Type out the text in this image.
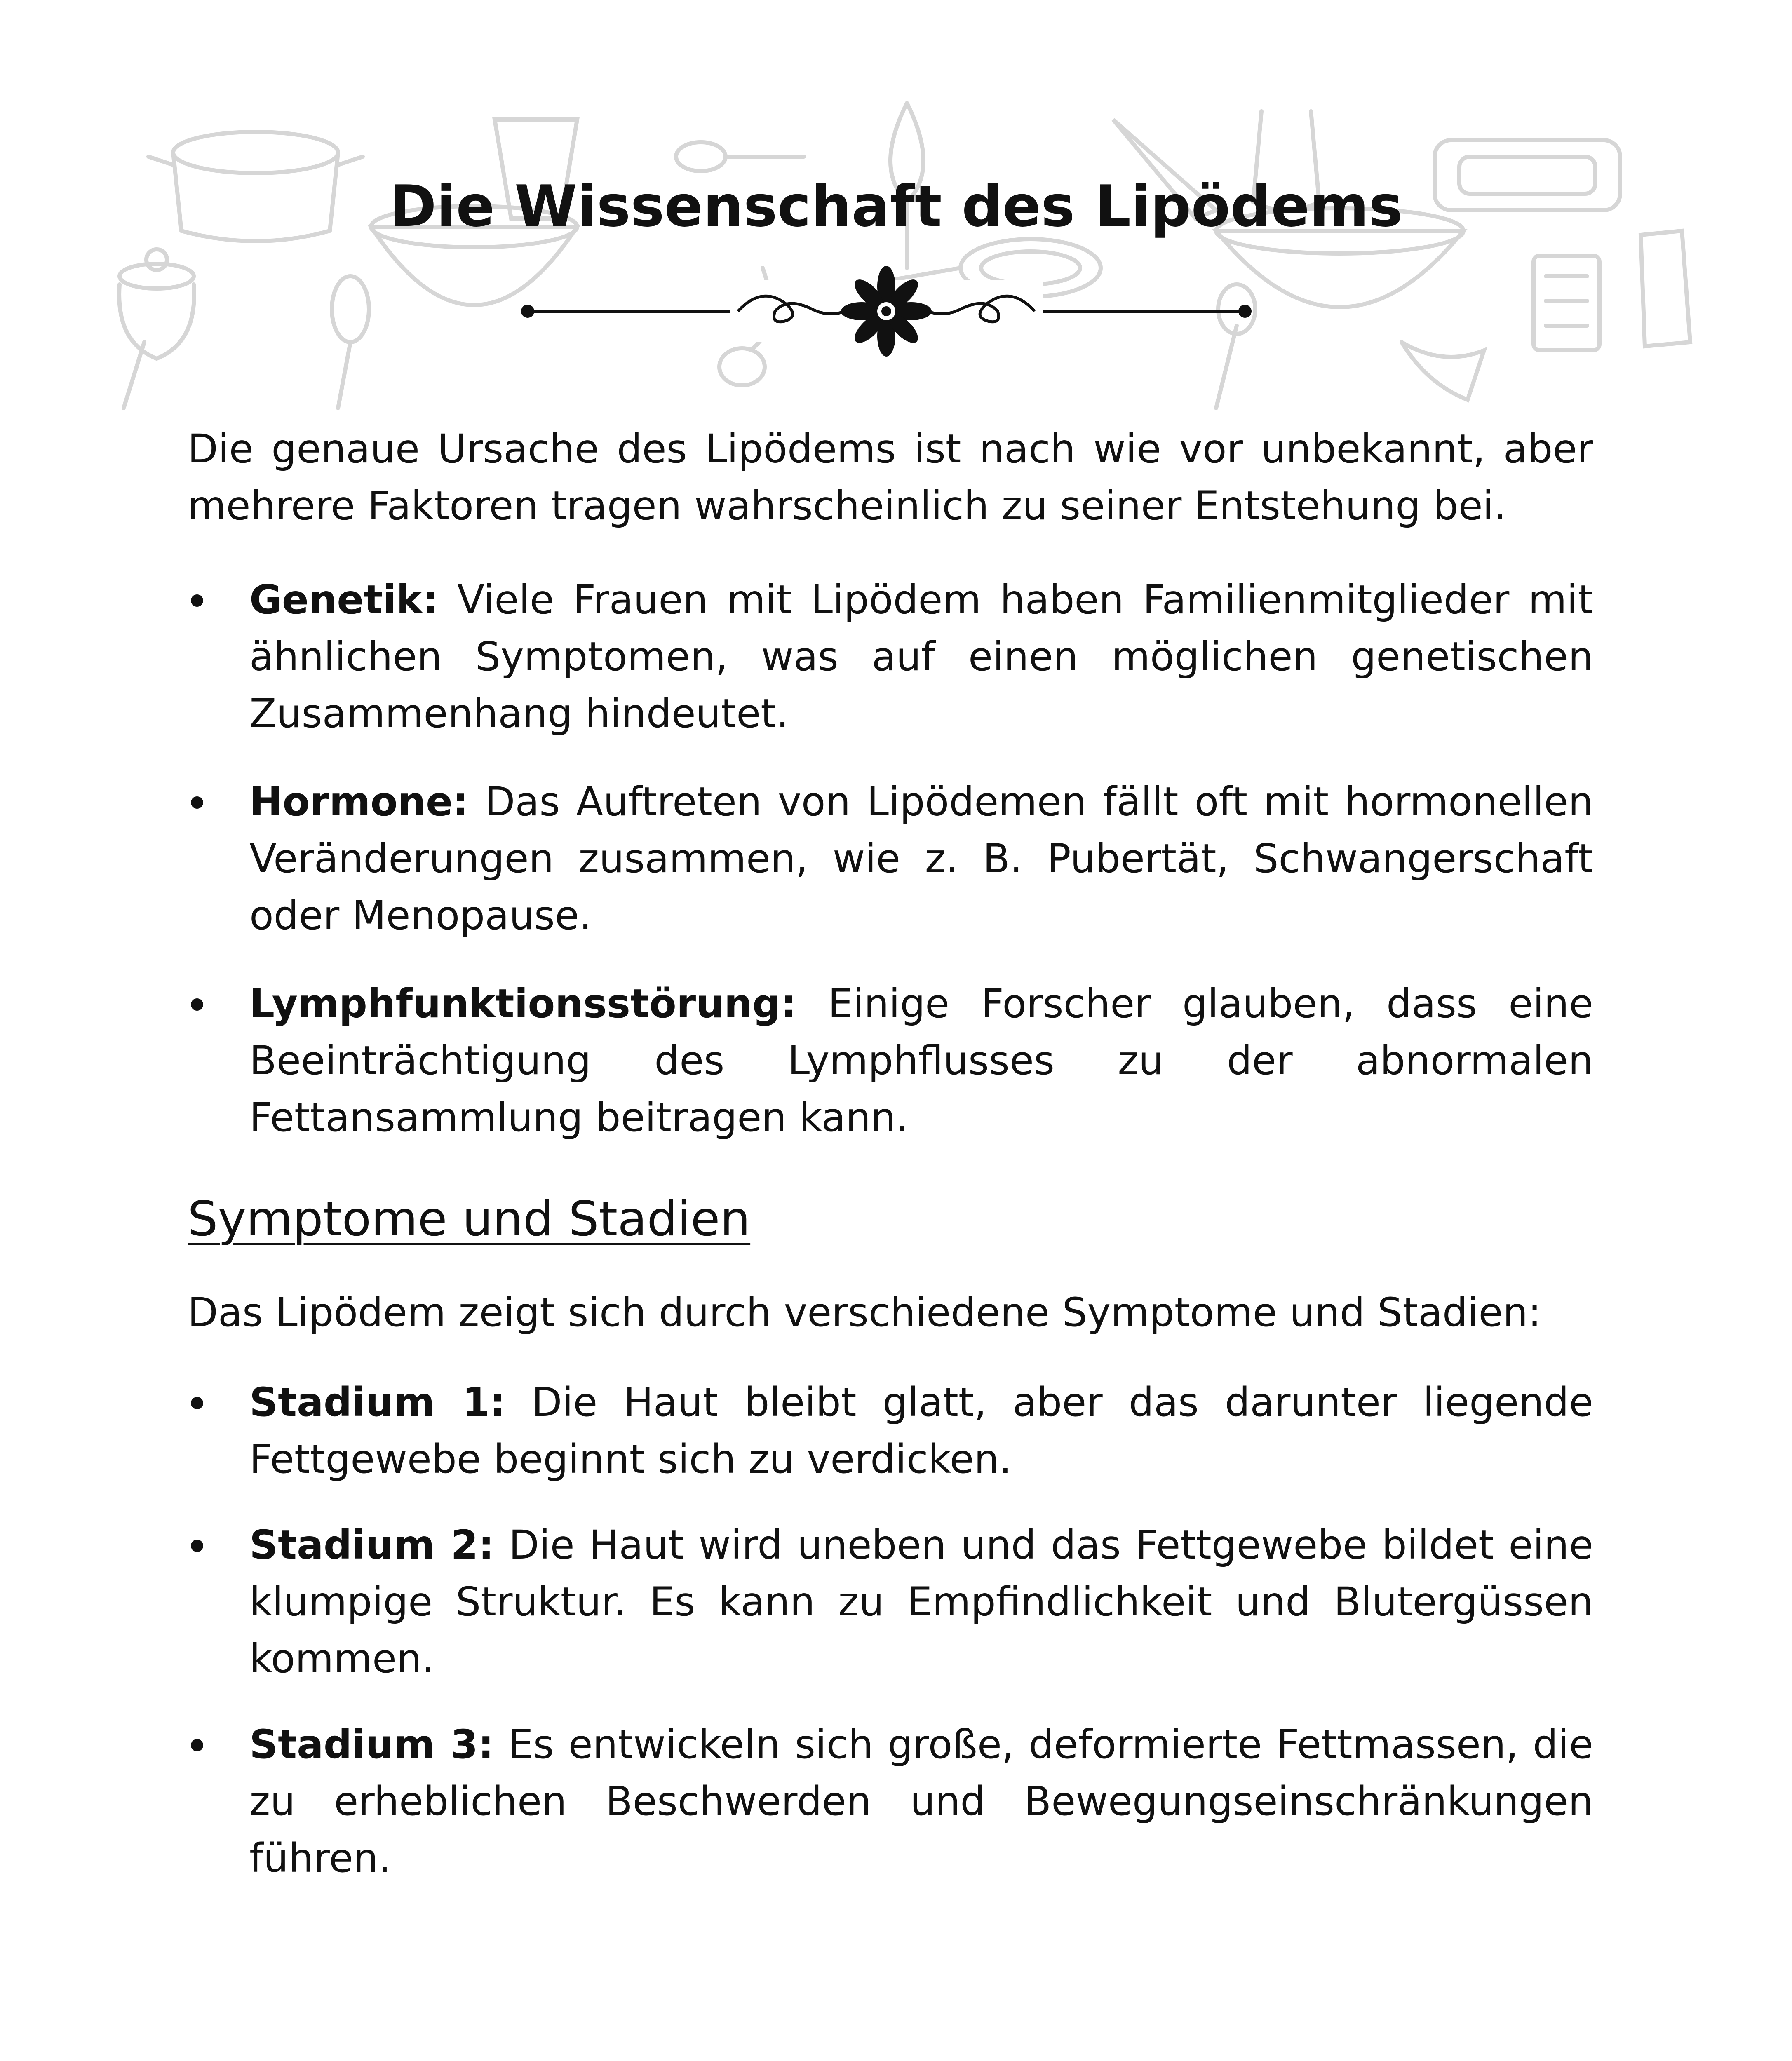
Die Wissenschaft des Lipödems

Die genaue Ursache des Lipödems ist nach wie vor unbekannt, aber mehrere Faktoren tragen wahrscheinlich zu seiner Entstehung bei.

Genetik: Viele Frauen mit Lipödem haben Familienmitglieder mit ähnlichen Symptomen, was auf einen möglichen genetischen Zusammenhang hindeutet.
Hormone: Das Auftreten von Lipödemen fällt oft mit hormonellen Veränderungen zusammen, wie z. B. Pubertät, Schwangerschaft oder Menopause.
Lymphfunktionsstörung: Einige Forscher glauben, dass eine Beeinträchtigung des Lymphflusses zu der abnormalen Fettansammlung beitragen kann.
Symptome und Stadien

Das Lipödem zeigt sich durch verschiedene Symptome und Stadien:

Stadium 1: Die Haut bleibt glatt, aber das darunter liegende Fettgewebe beginnt sich zu verdicken.
Stadium 2: Die Haut wird uneben und das Fettgewebe bildet eine klumpige Struktur. Es kann zu Empfindlichkeit und Blutergüssen kommen.
Stadium 3: Es entwickeln sich große, deformierte Fettmassen, die zu erheblichen Beschwerden und Bewegungseinschränkungen führen.
